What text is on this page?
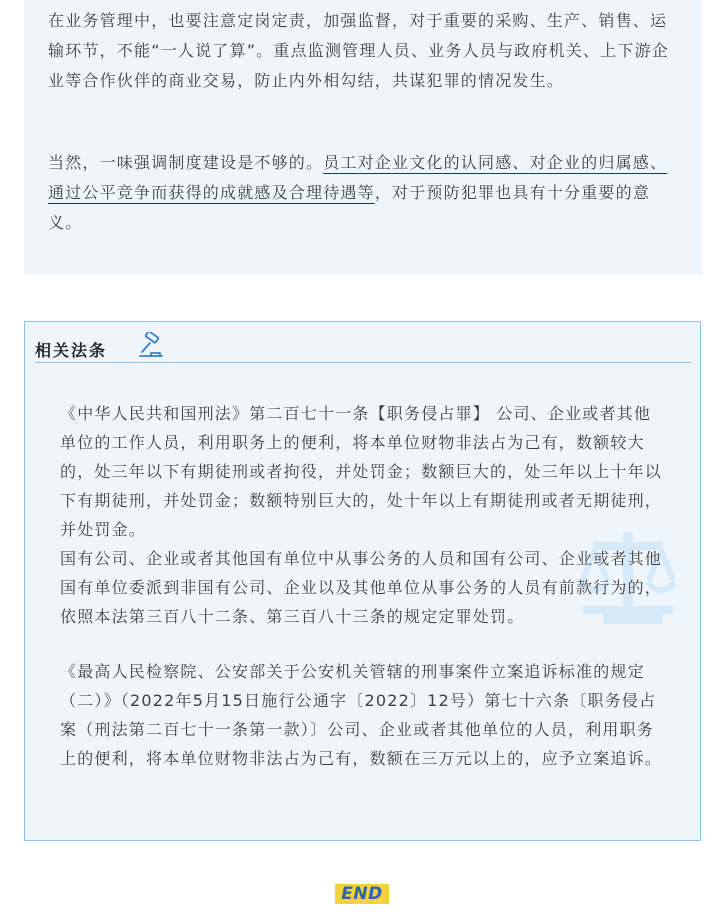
在业务管理中，也要注意定岗定责，加强监督，对于重要的采购、生产、销售、运输环节，不能“一人说了算”。重点监测管理人员、业务人员与政府机关、上下游企业等合作伙伴的商业交易，防止内外相勾结，共谋犯罪的情况发生。

当然，一味强调制度建设是不够的。员工对企业文化的认同感、对企业的归属感、通过公平竞争而获得的成就感及合理待遇等，对于预防犯罪也具有十分重要的意义。

相关法条

《中华人民共和国刑法》第二百七十一条【职务侵占罪】 公司、企业或者其他单位的工作人员，利用职务上的便利，将本单位财物非法占为己有，数额较大的，处三年以下有期徒刑或者拘役，并处罚金；数额巨大的，处三年以上十年以下有期徒刑，并处罚金；数额特别巨大的，处十年以上有期徒刑或者无期徒刑，并处罚金。

国有公司、企业或者其他国有单位中从事公务的人员和国有公司、企业或者其他国有单位委派到非国有公司、企业以及其他单位从事公务的人员有前款行为的，依照本法第三百八十二条、第三百八十三条的规定定罪处罚。

《最高人民检察院、公安部关于公安机关管辖的刑事案件立案追诉标准的规定 （二）》（2022年5月15日施行公通字〔2022〕12号）第七十六条〔职务侵占案（刑法第二百七十一条第一款）〕公司、企业或者其他单位的人员，利用职务上的便利，将本单位财物非法占为己有，数额在三万元以上的，应予立案追诉。

END
